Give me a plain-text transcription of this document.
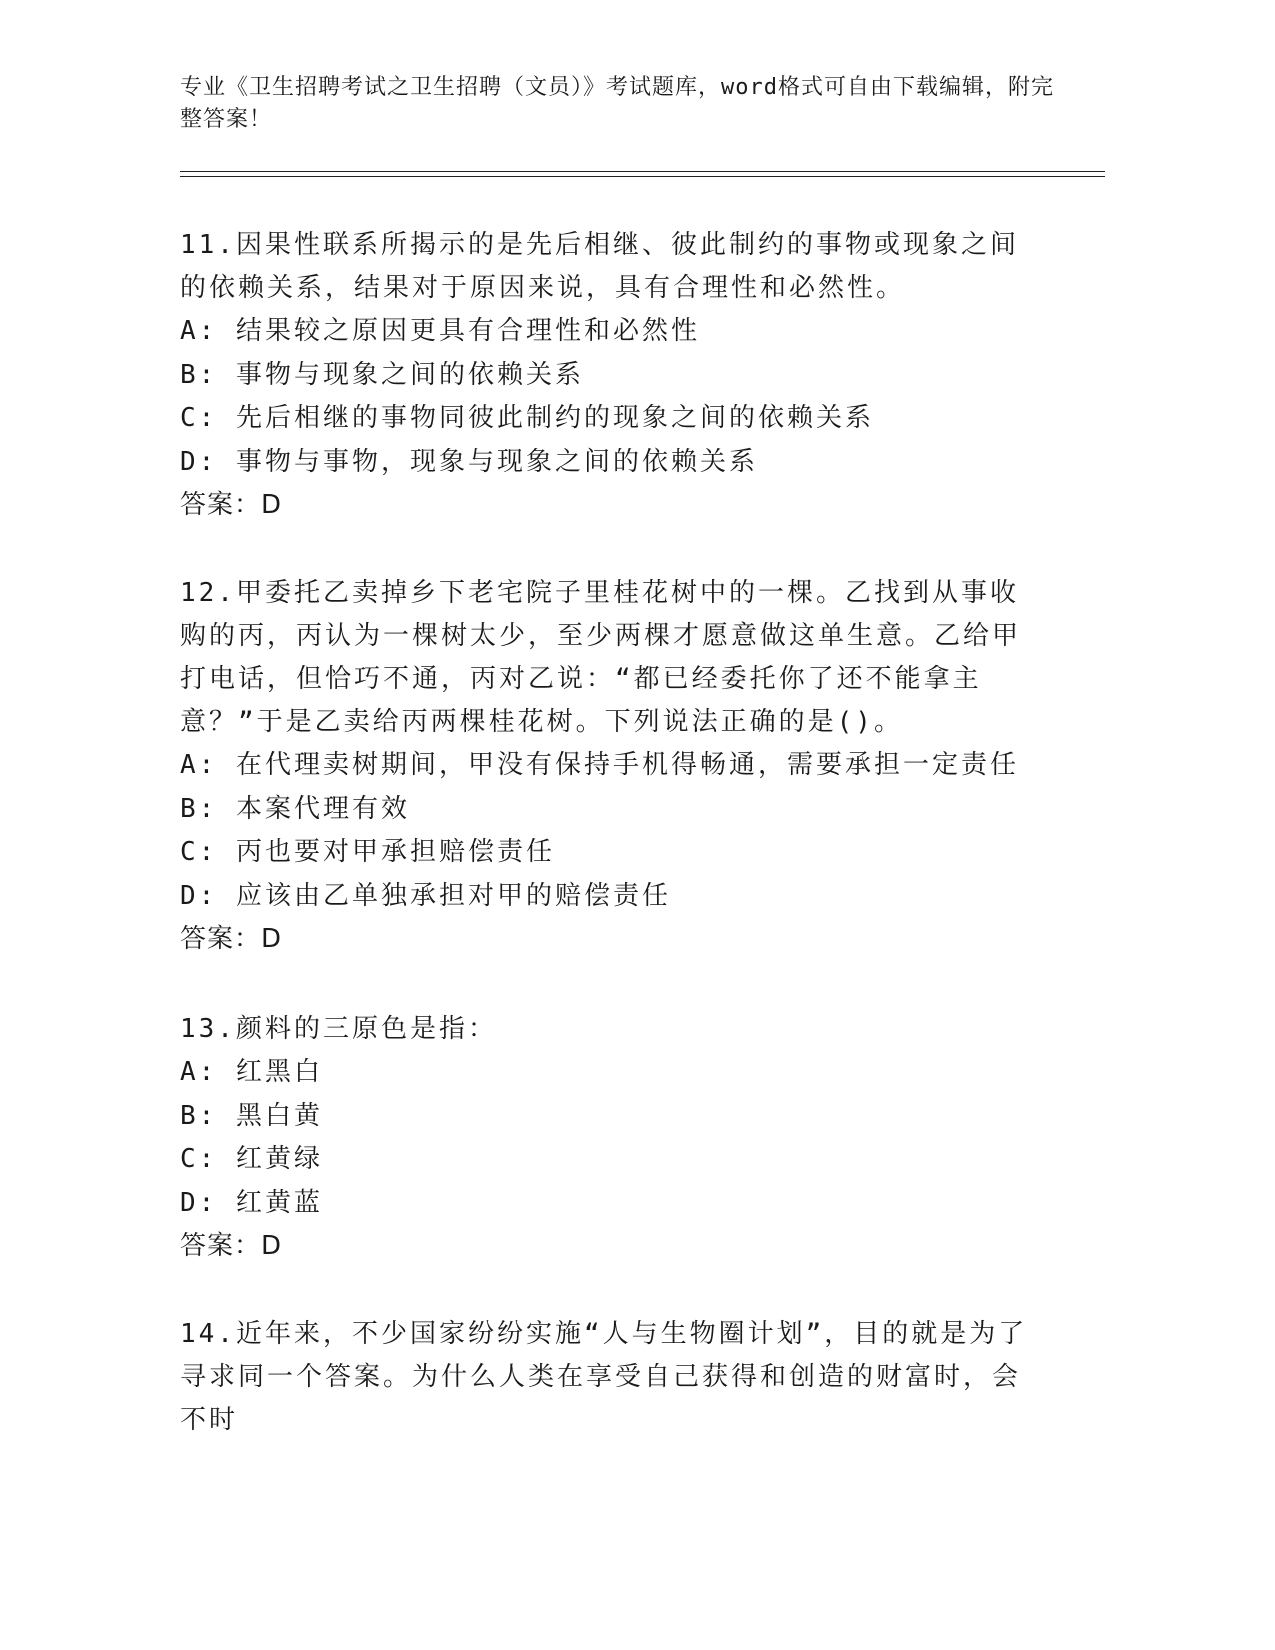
专业《卫生招聘考试之卫生招聘（文员）》考试题库，word格式可自由下载编辑，附完整答案！

11.因果性联系所揭示的是先后相继、彼此制约的事物或现象之间的依赖关系，结果对于原因来说，具有合理性和必然性。

A: 结果较之原因更具有合理性和必然性

B: 事物与现象之间的依赖关系

C: 先后相继的事物同彼此制约的现象之间的依赖关系

D: 事物与事物，现象与现象之间的依赖关系

答案：D

12.甲委托乙卖掉乡下老宅院子里桂花树中的一棵。乙找到从事收购的丙，丙认为一棵树太少，至少两棵才愿意做这单生意。乙给甲打电话，但恰巧不通，丙对乙说：“都已经委托你了还不能拿主意？”于是乙卖给丙两棵桂花树。下列说法正确的是()。

A: 在代理卖树期间，甲没有保持手机得畅通，需要承担一定责任

B: 本案代理有效

C: 丙也要对甲承担赔偿责任

D: 应该由乙单独承担对甲的赔偿责任

答案：D

13.颜料的三原色是指：

A: 红黑白

B: 黑白黄

C: 红黄绿

D: 红黄蓝

答案：D

14.近年来，不少国家纷纷实施“人与生物圈计划”，目的就是为了寻求同一个答案。为什么人类在享受自己获得和创造的财富时，会不时
